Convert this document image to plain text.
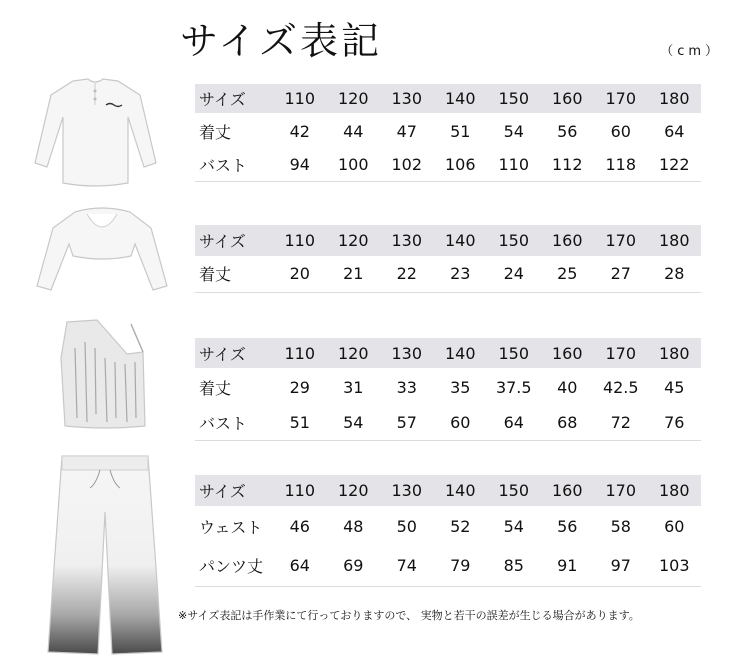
サイズ表記	（cm）
サイズ	110	120	130	140	150	160	170	180
着丈	42	44	47	51	54	56	60	64
バスト	94	100	102	106	110	112	118	122
サイズ	110	120	130	140	150	160	170	180
着丈	20	21	22	23	24	25	27	28
サイズ	110	120	130	140	150	160	170	180
着丈	29	31	33	35	37.5	40	42.5	45
バスト	51	54	57	60	64	68	72	76
サイズ	110	120	130	140	150	160	170	180
ウェスト	46	48	50	52	54	56	58	60
パンツ丈	64	69	74	79	85	91	97	103
※サイズ表記は手作業にて行っておりますので、 実物と若干の誤差が生じる場合があります。
